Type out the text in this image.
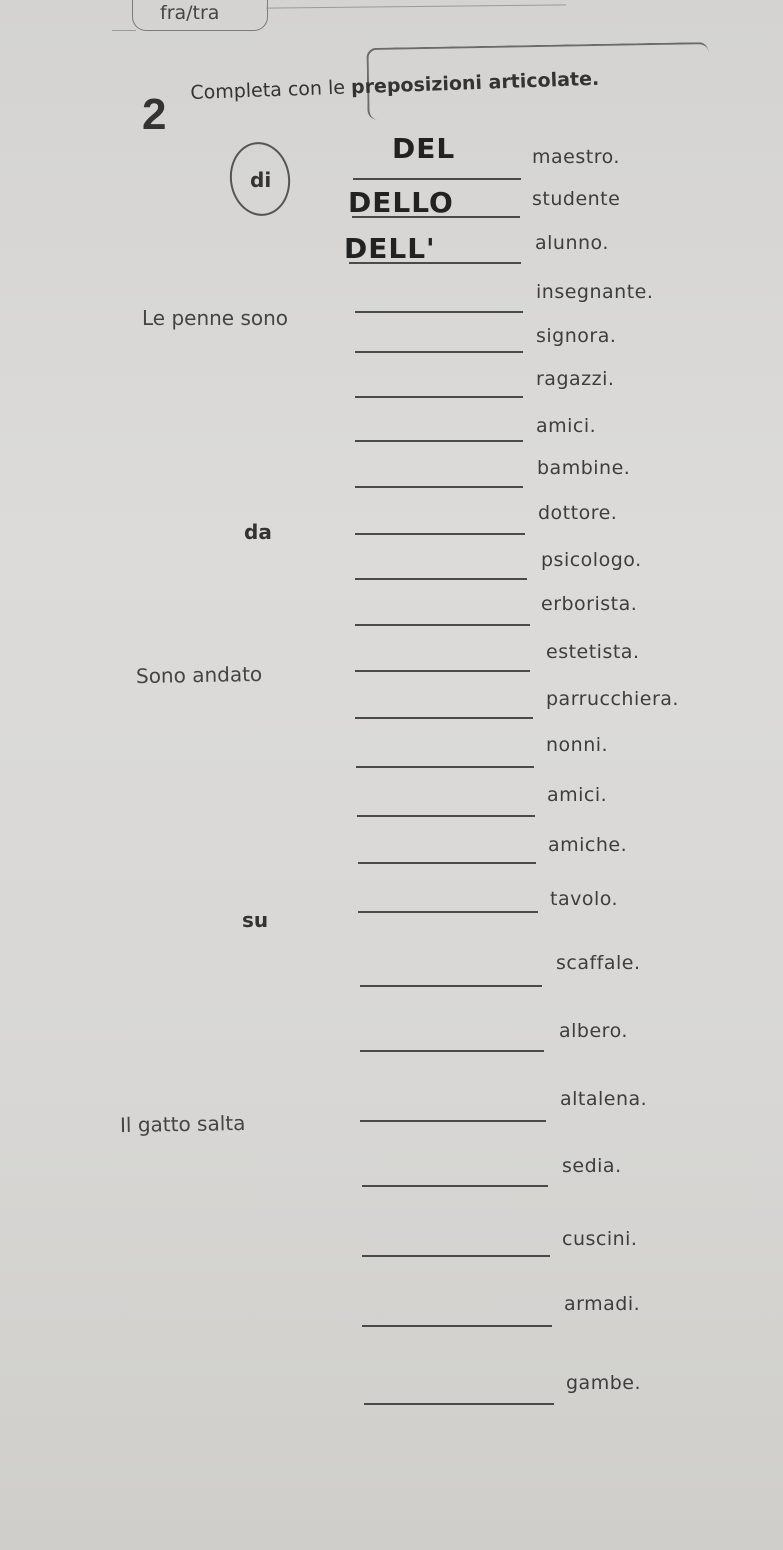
fra/tra
2 Completa con le preposizioni articolate.
di
Le penne sono
da
Sono andato
su
Il gatto salta
maestro.
DEL
studente
DELLO
alunno.
DELL'
insegnante.
signora.
ragazzi.
amici.
bambine.
dottore.
psicologo.
erborista.
estetista.
parrucchiera.
nonni.
amici.
amiche.
tavolo.
scaffale.
albero.
altalena.
sedia.
cuscini.
armadi.
gambe.
